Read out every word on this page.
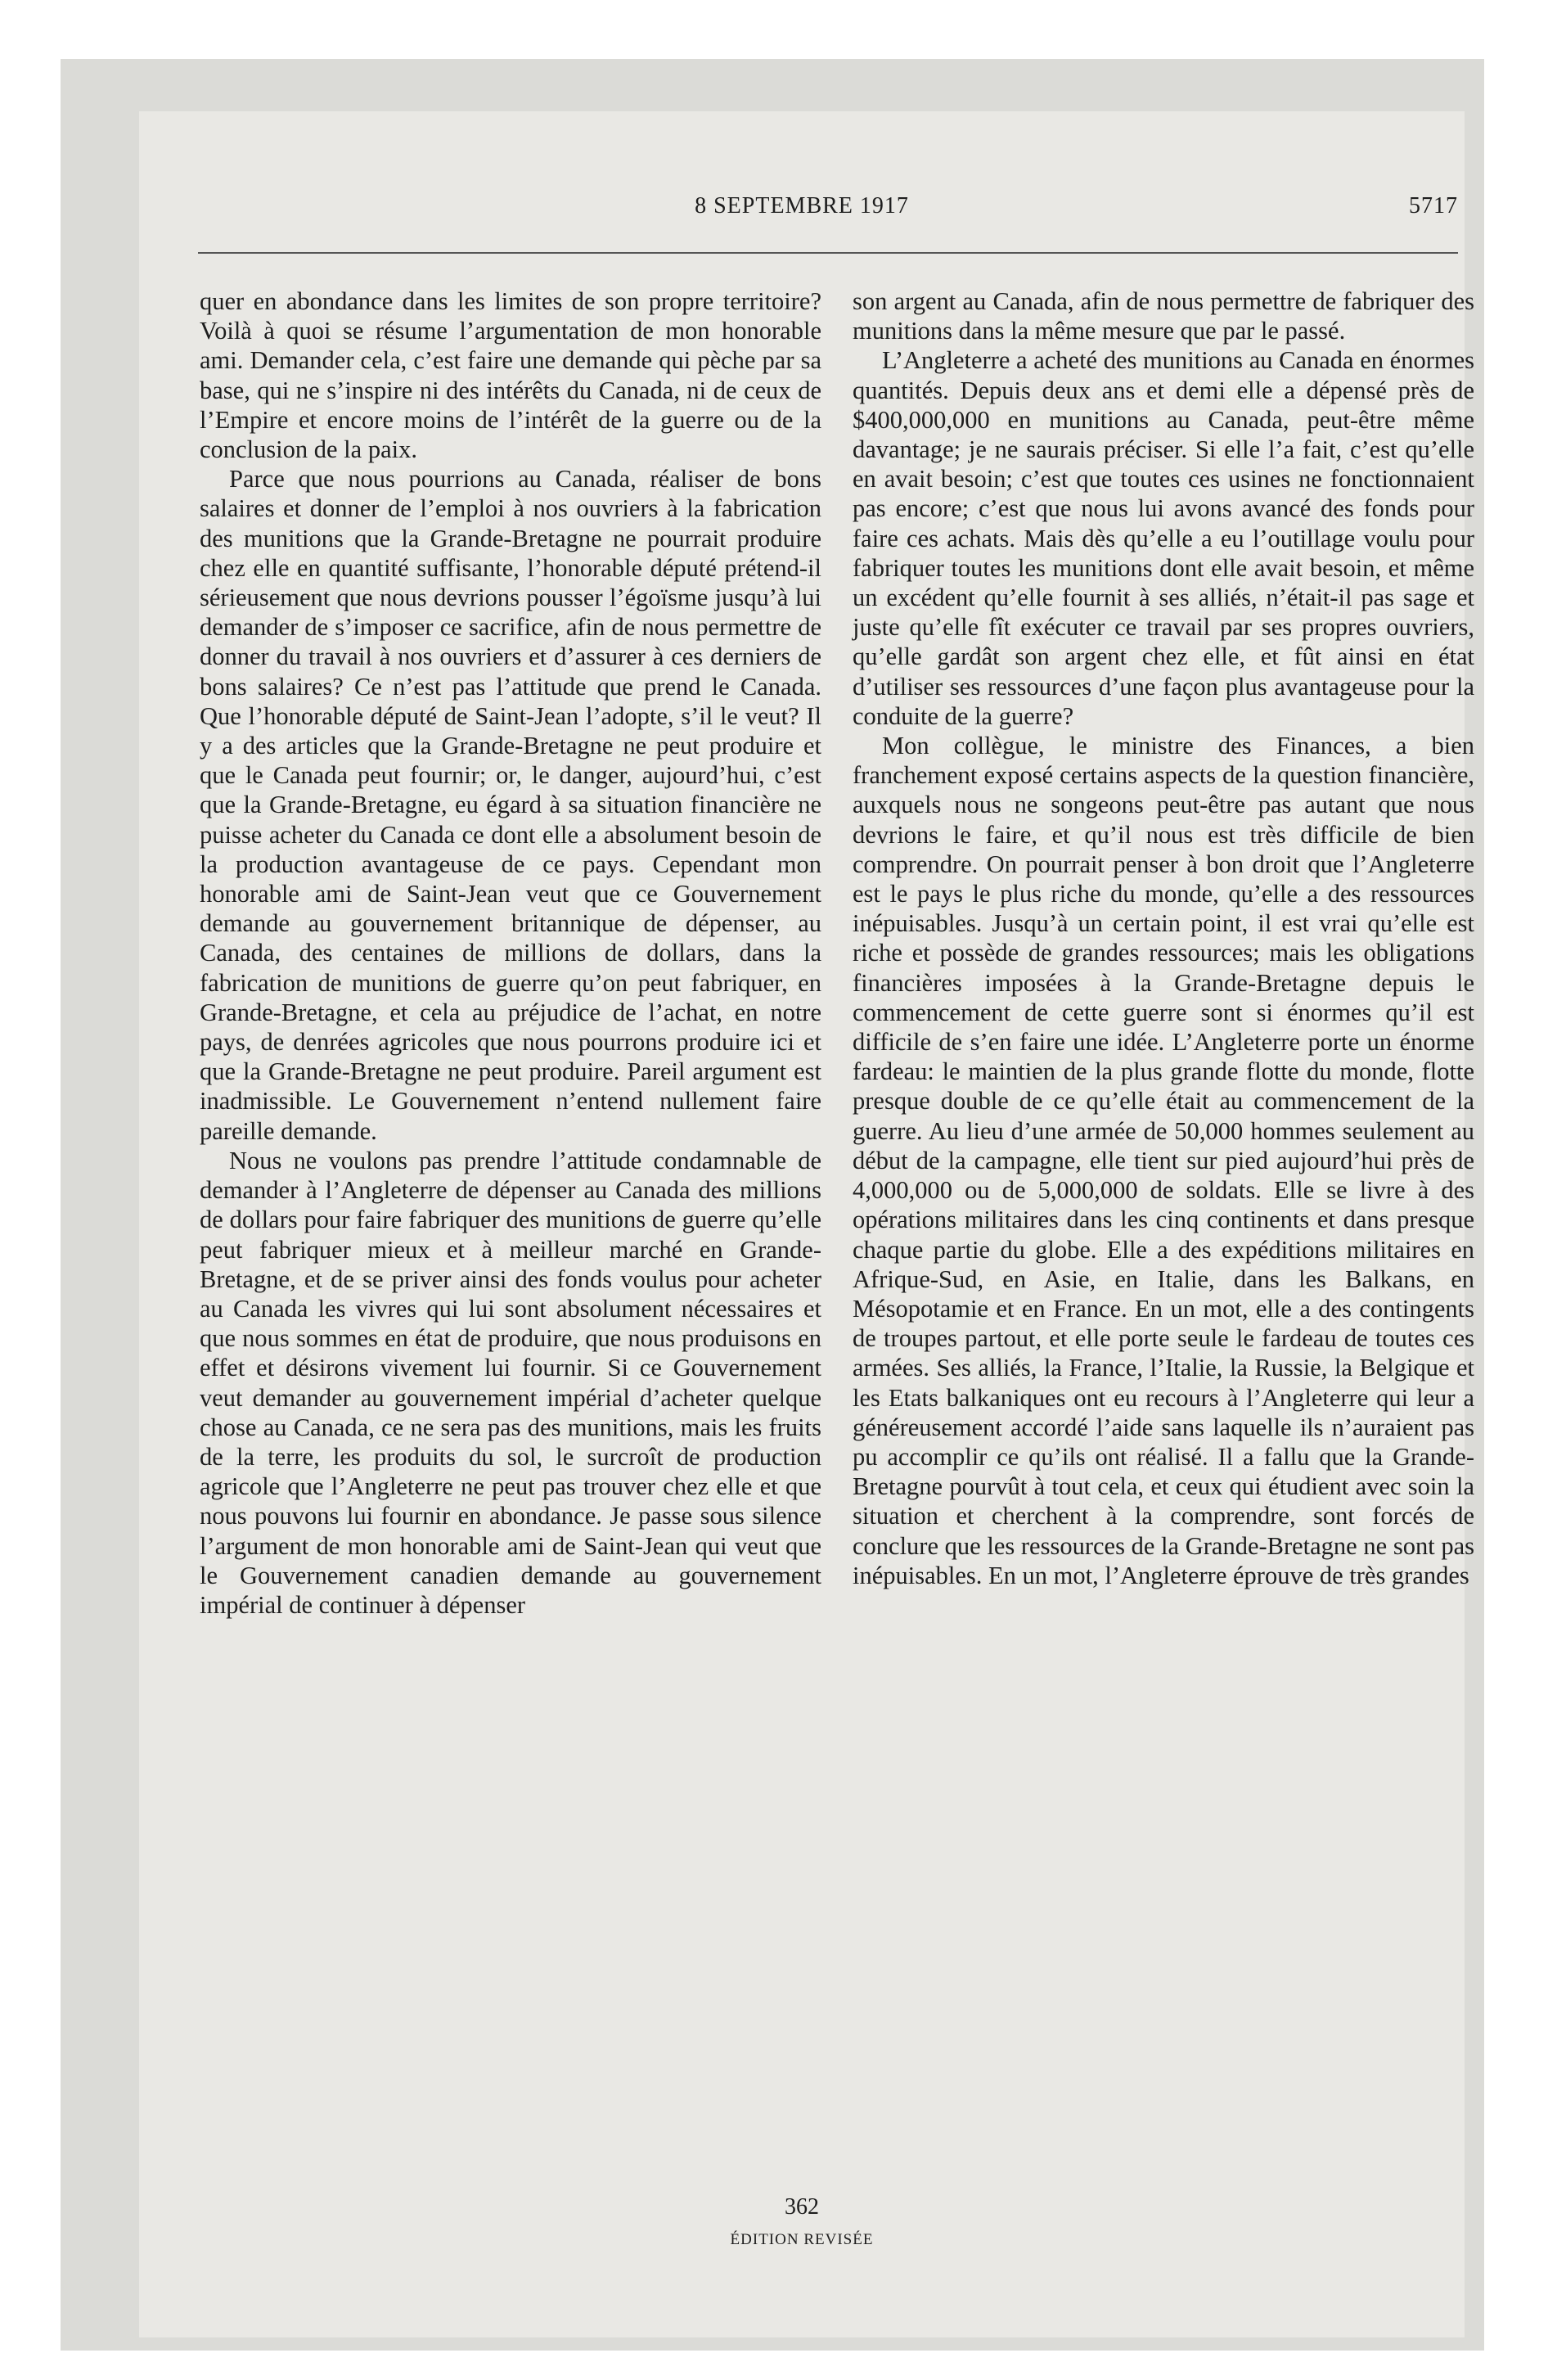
8 SEPTEMBRE 1917	5717

quer en abondance dans les limites de son propre territoire? Voilà à quoi se résume l’argumentation de mon honorable ami. Demander cela, c’est faire une demande qui pèche par sa base, qui ne s’inspire ni des intérêts du Canada, ni de ceux de l’Empire et encore moins de l’intérêt de la guerre ou de la conclusion de la paix.

Parce que nous pourrions au Canada, réaliser de bons salaires et donner de l’emploi à nos ouvriers à la fabrication des munitions que la Grande-Bretagne ne pourrait produire chez elle en quantité suffisante, l’honorable député prétend-il sérieusement que nous devrions pousser l’égoïsme jusqu’à lui demander de s’imposer ce sacrifice, afin de nous permettre de donner du travail à nos ouvriers et d’assurer à ces derniers de bons salaires? Ce n’est pas l’attitude que prend le Canada. Que l’honorable député de Saint-Jean l’adopte, s’il le veut? Il y a des articles que la Grande-Bretagne ne peut produire et que le Canada peut fournir; or, le danger, aujourd’hui, c’est que la Grande-Bretagne, eu égard à sa situation financière ne puisse acheter du Canada ce dont elle a absolument besoin de la production avantageuse de ce pays. Cependant mon honorable ami de Saint-Jean veut que ce Gouvernement demande au gouvernement britannique de dépenser, au Canada, des centaines de millions de dollars, dans la fabrication de munitions de guerre qu’on peut fabriquer, en Grande-Bretagne, et cela au préjudice de l’achat, en notre pays, de denrées agricoles que nous pourrons produire ici et que la Grande-Bretagne ne peut produire. Pareil argument est inadmissible. Le Gouvernement n’entend nullement faire pareille demande.

Nous ne voulons pas prendre l’attitude condamnable de demander à l’Angleterre de dépenser au Canada des millions de dollars pour faire fabriquer des munitions de guerre qu’elle peut fabriquer mieux et à meilleur marché en Grande-Bretagne, et de se priver ainsi des fonds voulus pour acheter au Canada les vivres qui lui sont absolument nécessaires et que nous sommes en état de produire, que nous produisons en effet et désirons vivement lui fournir. Si ce Gouvernement veut demander au gouvernement impérial d’acheter quelque chose au Canada, ce ne sera pas des munitions, mais les fruits de la terre, les produits du sol, le surcroît de production agricole que l’Angleterre ne peut pas trouver chez elle et que nous pouvons lui fournir en abondance. Je passe sous silence l’argument de mon honorable ami de Saint-Jean qui veut que le Gouvernement canadien demande au gouvernement impérial de continuer à dépenser

son argent au Canada, afin de nous permettre de fabriquer des munitions dans la même mesure que par le passé.

L’Angleterre a acheté des munitions au Canada en énormes quantités. Depuis deux ans et demi elle a dépensé près de $400,000,000 en munitions au Canada, peut-être même davantage; je ne saurais préciser. Si elle l’a fait, c’est qu’elle en avait besoin; c’est que toutes ces usines ne fonctionnaient pas encore; c’est que nous lui avons avancé des fonds pour faire ces achats. Mais dès qu’elle a eu l’outillage voulu pour fabriquer toutes les munitions dont elle avait besoin, et même un excédent qu’elle fournit à ses alliés, n’était-il pas sage et juste qu’elle fît exécuter ce travail par ses propres ouvriers, qu’elle gardât son argent chez elle, et fût ainsi en état d’utiliser ses ressources d’une façon plus avantageuse pour la conduite de la guerre?

Mon collègue, le ministre des Finances, a bien franchement exposé certains aspects de la question financière, auxquels nous ne songeons peut-être pas autant que nous devrions le faire, et qu’il nous est très difficile de bien comprendre. On pourrait penser à bon droit que l’Angleterre est le pays le plus riche du monde, qu’elle a des ressources inépuisables. Jusqu’à un certain point, il est vrai qu’elle est riche et possède de grandes ressources; mais les obligations financières imposées à la Grande-Bretagne depuis le commencement de cette guerre sont si énormes qu’il est difficile de s’en faire une idée. L’Angleterre porte un énorme fardeau: le maintien de la plus grande flotte du monde, flotte presque double de ce qu’elle était au commencement de la guerre. Au lieu d’une armée de 50,000 hommes seulement au début de la campagne, elle tient sur pied aujourd’hui près de 4,000,000 ou de 5,000,000 de soldats. Elle se livre à des opérations militaires dans les cinq continents et dans presque chaque partie du globe. Elle a des expéditions militaires en Afrique-Sud, en Asie, en Italie, dans les Balkans, en Mésopotamie et en France. En un mot, elle a des contingents de troupes partout, et elle porte seule le fardeau de toutes ces armées. Ses alliés, la France, l’Italie, la Russie, la Belgique et les Etats balkaniques ont eu recours à l’Angleterre qui leur a généreusement accordé l’aide sans laquelle ils n’auraient pas pu accomplir ce qu’ils ont réalisé. Il a fallu que la Grande-Bretagne pourvût à tout cela, et ceux qui étudient avec soin la situation et cherchent à la comprendre, sont forcés de conclure que les ressources de la Grande-Bretagne ne sont pas inépuisables. En un mot, l’Angleterre éprouve de très grandes

362
ÉDITION REVISÉE
